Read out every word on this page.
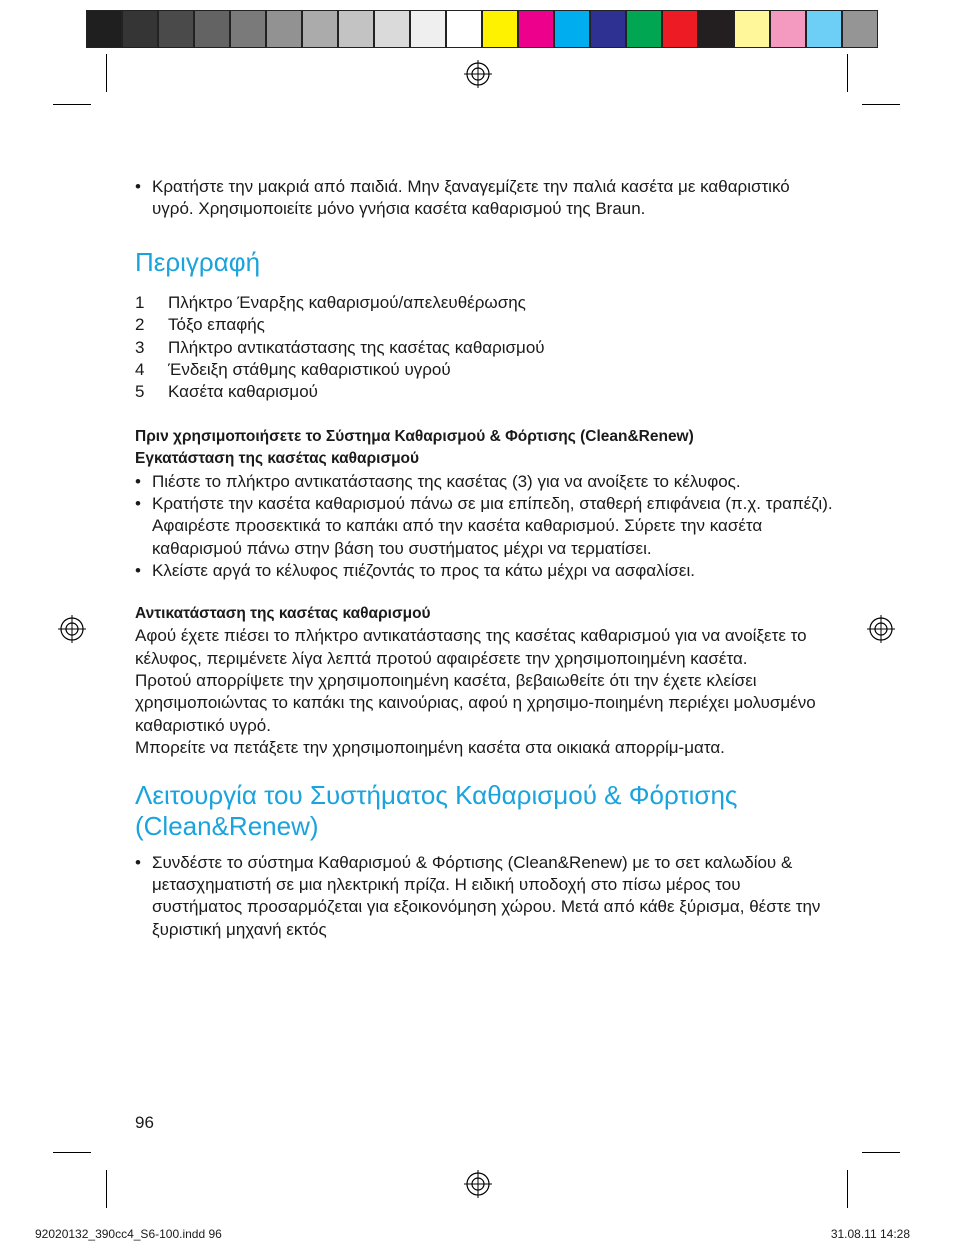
• Κρατήστε την μακριά από παιδιά. Μην ξαναγεμίζετε την παλιά κασέτα με καθαριστικό υγρό. Χρησιμοποιείτε μόνο γνήσια κασέτα καθαρισμού της Braun.
Περιγραφή
1	Πλήκτρο Έναρξης καθαρισμού/απελευθέρωσης
2	Τόξο επαφής
3	Πλήκτρο αντικατάστασης της κασέτας καθαρισμού
4	Ένδειξη στάθμης καθαριστικού υγρού
5	Κασέτα καθαρισμού
Πριν χρησιμοποιήσετε το Σύστημα Καθαρισμού & Φόρτισης (Clean&Renew)
Εγκατάσταση της κασέτας καθαρισμού
• Πιέστε το πλήκτρο αντικατάστασης της κασέτας (3) για να ανοίξετε το κέλυφος.
• Κρατήστε την κασέτα καθαρισμού πάνω σε μια επίπεδη, σταθερή επιφάνεια (π.χ. τραπέζι). Αφαιρέστε προσεκτικά το καπάκι από την κασέτα καθαρισμού. Σύρετε την κασέτα καθαρισμού πάνω στην βάση του συστήματος μέχρι να τερματίσει.
• Κλείστε αργά το κέλυφος πιέζοντάς το προς τα κάτω μέχρι να ασφαλίσει.
Αντικατάσταση της κασέτας καθαρισμού

Αφού έχετε πιέσει το πλήκτρο αντικατάστασης της κασέτας καθαρισμού για να ανοίξετε το κέλυφος, περιμένετε λίγα λεπτά προτού αφαιρέσετε την χρησιμοποιημένη κασέτα.

Προτού απορρίψετε την χρησιμοποιημένη κασέτα, βεβαιωθείτε ότι την έχετε κλείσει χρησιμοποιώντας το καπάκι της καινούριας, αφού η χρησιμο-ποιημένη περιέχει μολυσμένο καθαριστικό υγρό.

Μπορείτε να πετάξετε την χρησιμοποιημένη κασέτα στα οικιακά απορρίμ-ματα.

Λειτουργία του Συστήματος Καθαρισμού & Φόρτισης (Clean&Renew)
• Συνδέστε το σύστημα Καθαρισμού & Φόρτισης (Clean&Renew) με το σετ καλωδίου & μετασχηματιστή σε μια ηλεκτρική πρίζα. Η ειδική υποδοχή στο πίσω μέρος του συστήματος προσαρμόζεται για εξοικονόμηση χώρου. Μετά από κάθε ξύρισμα, θέστε την ξυριστική μηχανή εκτός
96
92020132_390cc4_S6-100.indd 96	31.08.11 14:28
